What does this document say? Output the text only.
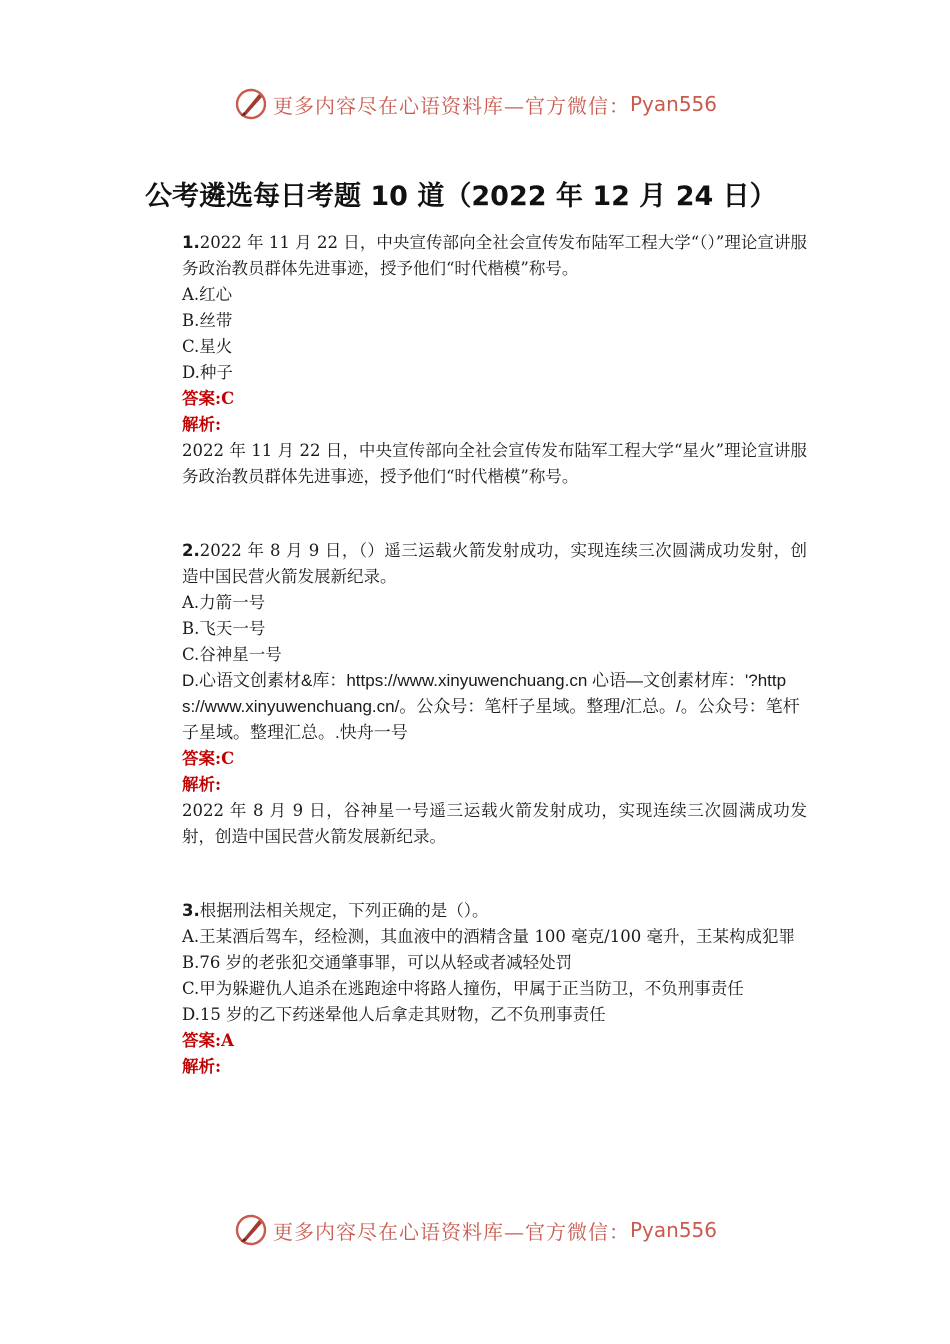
更多内容尽在心语资料库—官方微信： Pyan556
公考遴选每日考题 10 道（2022 年 12 月 24 日）

1.2022 年 11 月 22 日，中央宣传部向全社会宣传发布陆军工程大学“（）”理论宣讲服务政治教员群体先进事迹，授予他们“时代楷模”称号。

A.红心

B.丝带

C.星火

D.种子

答案:C

解析:

2022 年 11 月 22 日，中央宣传部向全社会宣传发布陆军工程大学“星火”理论宣讲服务政治教员群体先进事迹，授予他们“时代楷模”称号。

2.2022 年 8 月 9 日，（）遥三运载火箭发射成功，实现连续三次圆满成功发射，创造中国民营火箭发展新纪录。

A.力箭一号

B.飞天一号

C.谷神星一号

D.心语文创素材&库：https://www.xinyuwenchuang.cn 心语—文创素材库：'?https://www.xinyuwenchuang.cn/。公众号：笔杆子星域。整理/汇总。/。公众号：笔杆子星域。整理汇总。.快舟一号

答案:C

解析:

2022 年 8 月 9 日，谷神星一号遥三运载火箭发射成功，实现连续三次圆满成功发射，创造中国民营火箭发展新纪录。

3.根据刑法相关规定，下列正确的是（）。

A.王某酒后驾车，经检测，其血液中的酒精含量 100 毫克/100 毫升，王某构成犯罪

B.76 岁的老张犯交通肇事罪，可以从轻或者减轻处罚

C.甲为躲避仇人追杀在逃跑途中将路人撞伤，甲属于正当防卫，不负刑事责任

D.15 岁的乙下药迷晕他人后拿走其财物，乙不负刑事责任

答案:A

解析:

更多内容尽在心语资料库—官方微信： Pyan556
